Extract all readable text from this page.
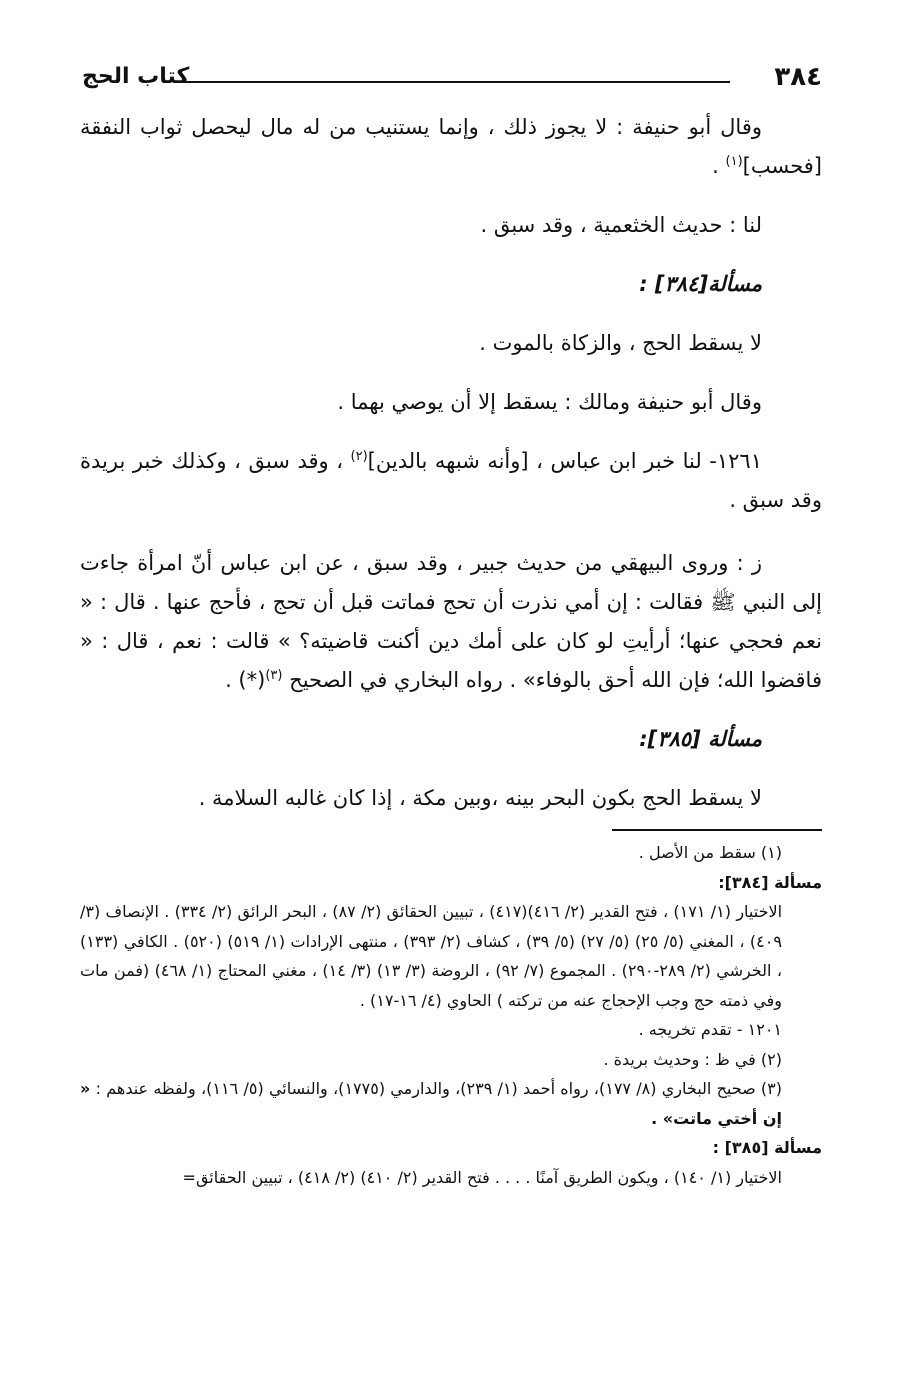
٣٨٤
كتاب الحج

وقال أبو حنيفة : لا يجوز ذلك ، وإنما يستنيب من له مال ليحصل ثواب النفقة [فحسب]$^{(١)}$ .

لنا : حديث الخثعمية ، وقد سبق .

مسألة[٣٨٤] :

لا يسقط الحج ، والزكاة بالموت .

وقال أبو حنيفة ومالك : يسقط إلا أن يوصي بهما .

١٢٦١- لنا خبر ابن عباس ، [وأنه شبهه بالدين]$^{(٢)}$ ، وقد سبق ، وكذلك خبر بريدة وقد سبق .

ز : ورو​ى البيهقي من حديث جبير ، وقد سبق ، عن ابن عباس أنّ امرأة جاءت إلى النبي ﷺ فقالت : إن أمي نذرت أن تحج فماتت قبل أن تحج ، فأحج عنها . قال : « نعم فحجي عنها؛ أرأيتِ لو كان على أمك دين أكنت قاضيته؟ » قالت : نعم ، قال : « فاقضوا الله؛ فإن الله أحق بالوفاء» . رواه البخاري في الصحيح $^{(٣)}$(*) .

مسألة [٣٨٥]:

لا يسقط الحج بكون البحر بينه ،وبين مكة ، إذا كان غالبه السلامة .

(١) سقط من الأصل .

مسألة [٣٨٤]:

الاختيار (١/ ١٧١) ، فتح القدير (٢/ ٤١٦)(٤١٧) ، تبيين الحقائق (٢/ ٨٧) ، البحر الرائق (٢/ ٣٣٤) . الإنصاف (٣/ ٤٠٩) ، المغني (٥/ ٢٥) (٥/ ٢٧) (٥/ ٣٩) ، كشاف (٢/ ٣٩٣) ، منتهى الإرادات (١/ ٥١٩) (٥٢٠) . الكافي (١٣٣) ، الخرشي (٢/ ٢٨٩-٢٩٠) . المجموع (٧/ ٩٢) ، الروضة (٣/ ١٣) (٣/ ١٤) ، مغني المحتاج (١/ ٤٦٨) (فمن مات وفي ذمته حج وجب الإحجاج عنه من تركته ) الحاوي (٤/ ١٦-١٧) .

١٢٠١ - تقدم تخريجه .

(٢) في ظ : وحديث بريدة .

(٣) صحيح البخاري (٨/ ١٧٧)، رواه أحمد (١/ ٢٣٩)، والدارمي (١٧٧٥)، والنسائي (٥/ ١١٦)، ولفظه عندهم : « إن أختي ماتت» .

مسألة [٣٨٥] :

الاختيار (١/ ١٤٠) ، ويكون الطريق آمنًا . . . . فتح القدير (٢/ ٤١٠) (٢/ ٤١٨) ، تبيين الحقائق=
